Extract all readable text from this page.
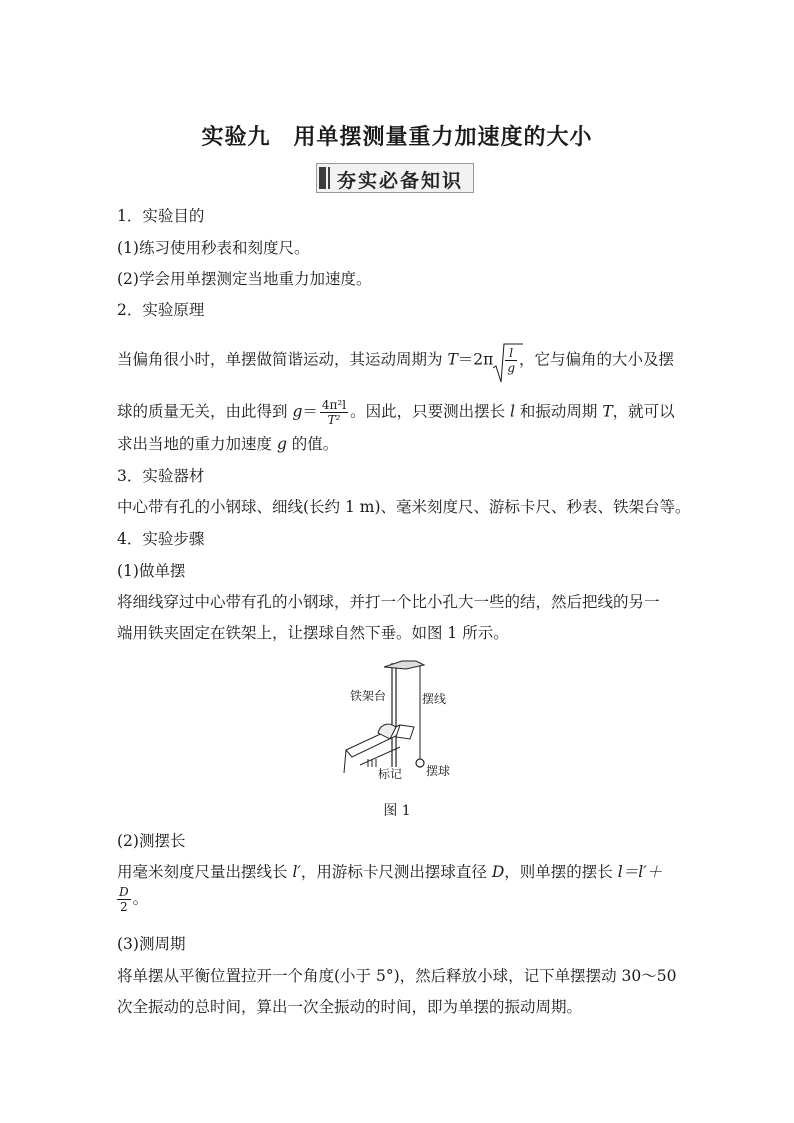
实验九　用单摆测量重力加速度的大小
夯实必备知识
1．实验目的
(1)练习使用秒表和刻度尺。
(2)学会用单摆测定当地重力加速度。
2．实验原理
当偏角很小时，单摆做简谐运动，其运动周期为 $T=2\pi \frac{l}{g}$ ，它与偏角的大小及摆
球的质量无关，由此得到 $g= \frac{\text{4π²l}}{\text{T²}}$ 。因此，只要测出摆长 l 和振动周期 T，就可以
求出当地的重力加速度 g 的值。
3．实验器材
中心带有孔的小钢球、细线(长约 1 m)、毫米刻度尺、游标卡尺、秒表、铁架台等。
4．实验步骤
(1)做单摆
将细线穿过中心带有孔的小钢球，并打一个比小孔大一些的结，然后把线的另一
端用铁夹固定在铁架上，让摆球自然下垂。如图 1 所示。
铁架台	摆线
标记 摆球
图 1
(2)测摆长
用毫米刻度尺量出摆线长 l′，用游标卡尺测出摆球直径 D，则单摆的摆长 l＝l′＋
$\frac{D}{2}$ 。
(3)测周期
将单摆从平衡位置拉开一个角度(小于 5°)，然后释放小球，记下单摆摆动 30～50
次全振动的总时间，算出一次全振动的时间，即为单摆的振动周期。
